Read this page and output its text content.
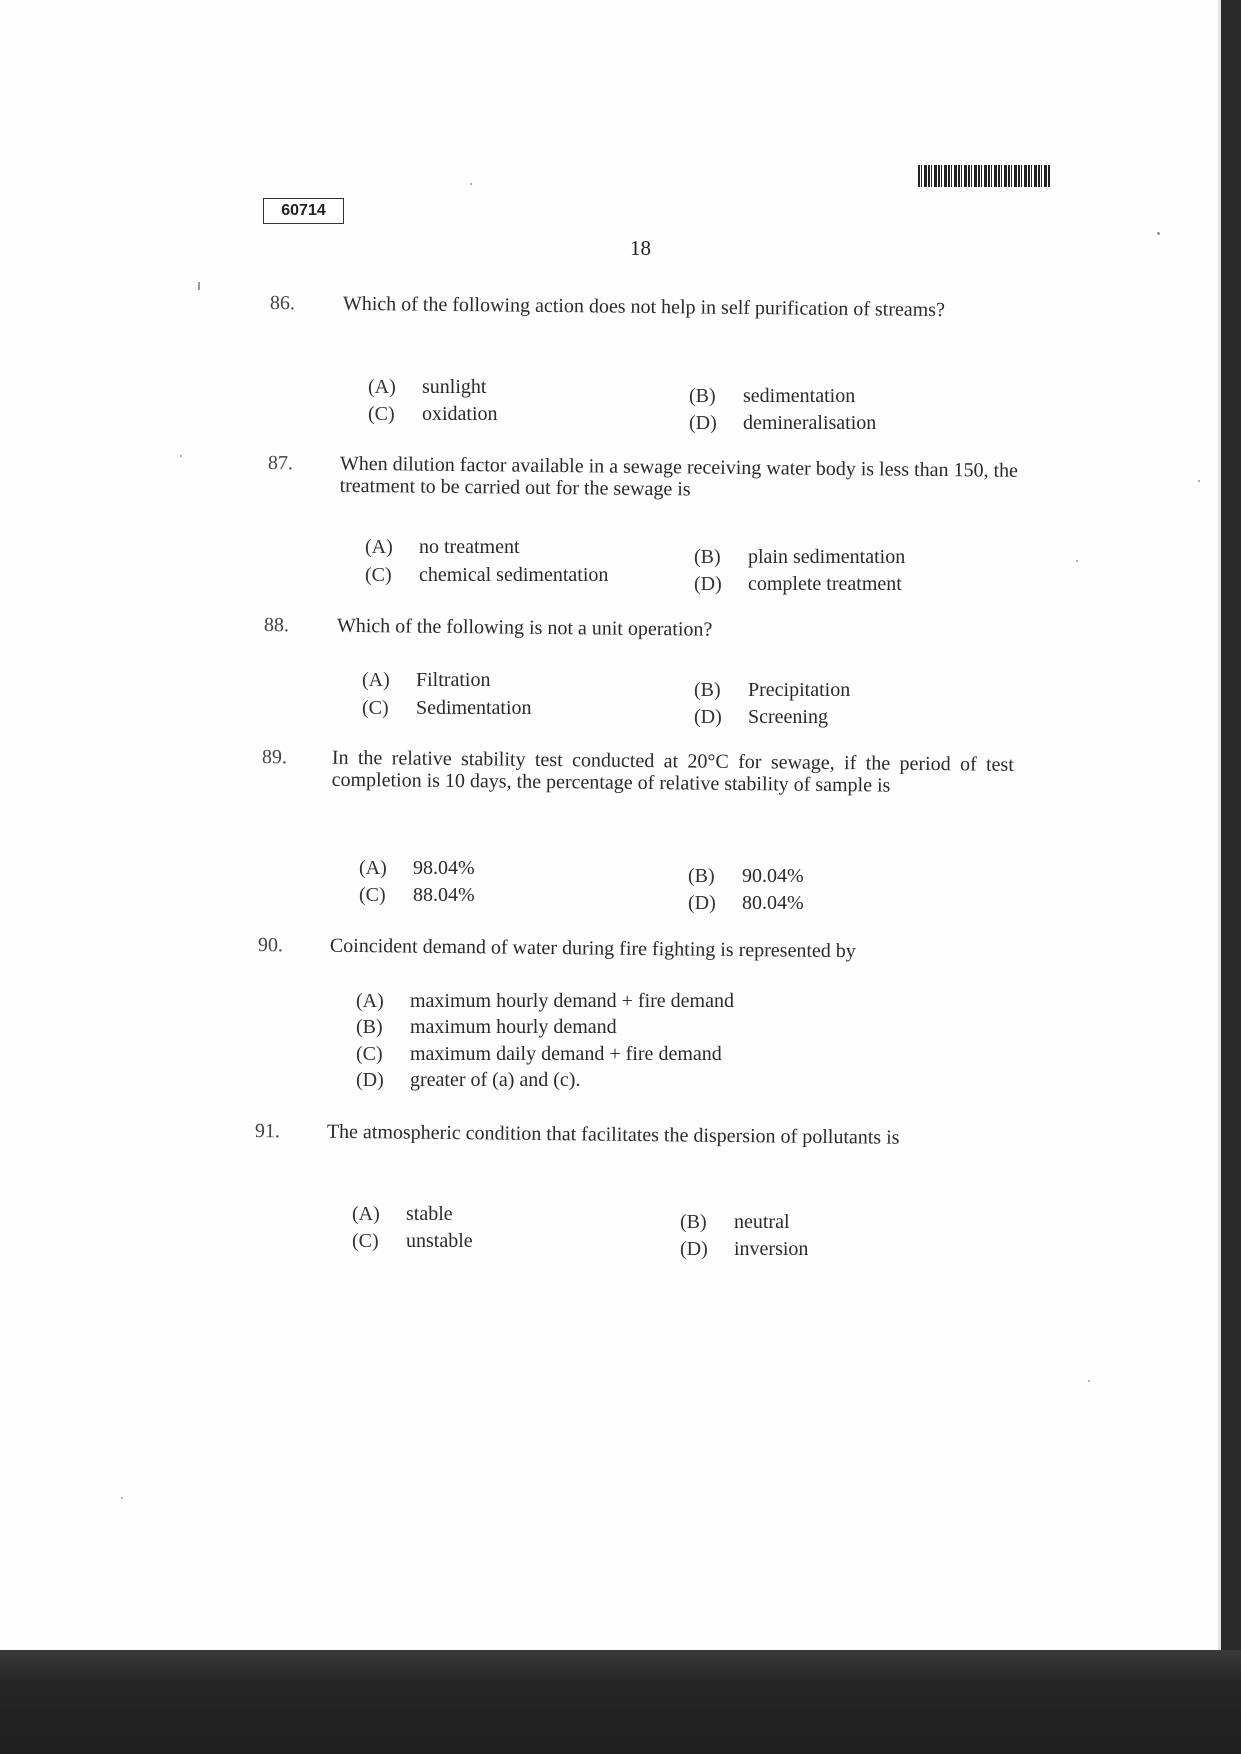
60714
18
86. Which of the following action does not help in self purification of streams?
(A) sunlight	(B) sedimentation
(C) oxidation	(D) demineralisation
87. When dilution factor available in a sewage receiving water body is less than 150, the treatment to be carried out for the sewage is
(A) no treatment	(B) plain sedimentation
(C) chemical sedimentation	(D) complete treatment
88. Which of the following is not a unit operation?
(A) Filtration	(B) Precipitation
(C) Sedimentation	(D) Screening
89. In the relative stability test conducted at 20°C for sewage, if the period of test completion is 10 days, the percentage of relative stability of sample is
(A) 98.04%	(B) 90.04%
(C) 88.04%	(D) 80.04%
90. Coincident demand of water during fire fighting is represented by
(A) maximum hourly demand + fire demand
(B) maximum hourly demand
(C) maximum daily demand + fire demand
(D) greater of (a) and (c).
91. The atmospheric condition that facilitates the dispersion of pollutants is
(A) stable	(B) neutral
(C) unstable	(D) inversion
